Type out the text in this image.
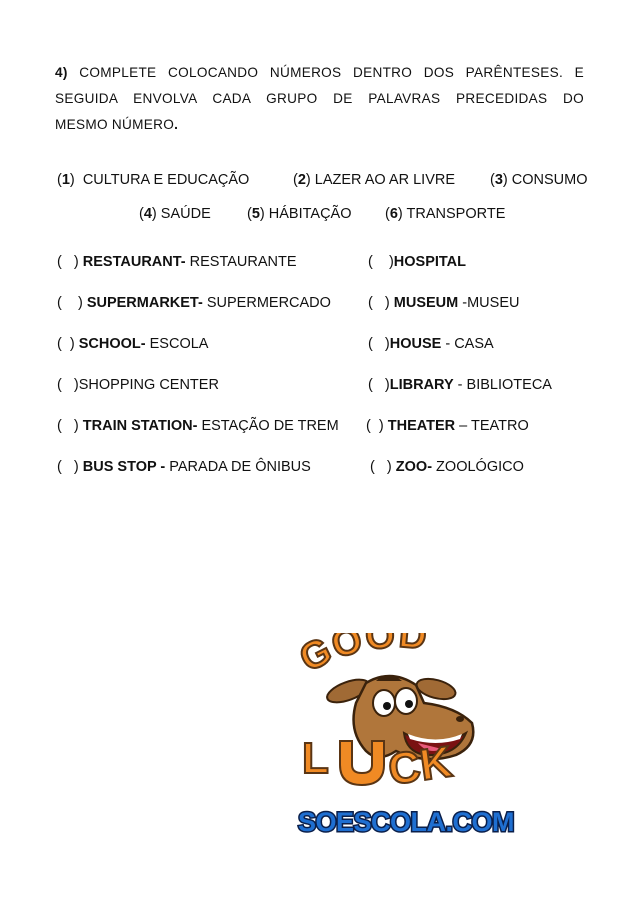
4) COMPLETE COLOCANDO NÚMEROS DENTRO DOS PARÊNTESES. E
SEGUIDA ENVOLVA CADA GRUPO DE PALAVRAS PRECEDIDAS DO
MESMO NÚMERO.
(1)  CULTURA E EDUCAÇÃO	(2) LAZER AO AR LIVRE (3) CONSUMO
(4) SAÚDE	(5) HÁBITAÇÃO (6) TRANSPORTE
(   ) RESTAURANT- RESTAURANTE
(    ) SUPERMARKET- SUPERMERCADO
(  ) SCHOOL- ESCOLA
(   )SHOPPING CENTER
(   ) TRAIN STATION- ESTAÇÃO DE TREM
(   ) BUS STOP - PARADA DE ÔNIBUS
(    )HOSPITAL
(   ) MUSEUM -MUSEU
(   )HOUSE - CASA
(   )LIBRARY - BIBLIOTECA
(  ) THEATER – TEATRO
(   ) ZOO- ZOOLÓGICO
GOOD
L CK
LUCK
SOESCOLA.COM
